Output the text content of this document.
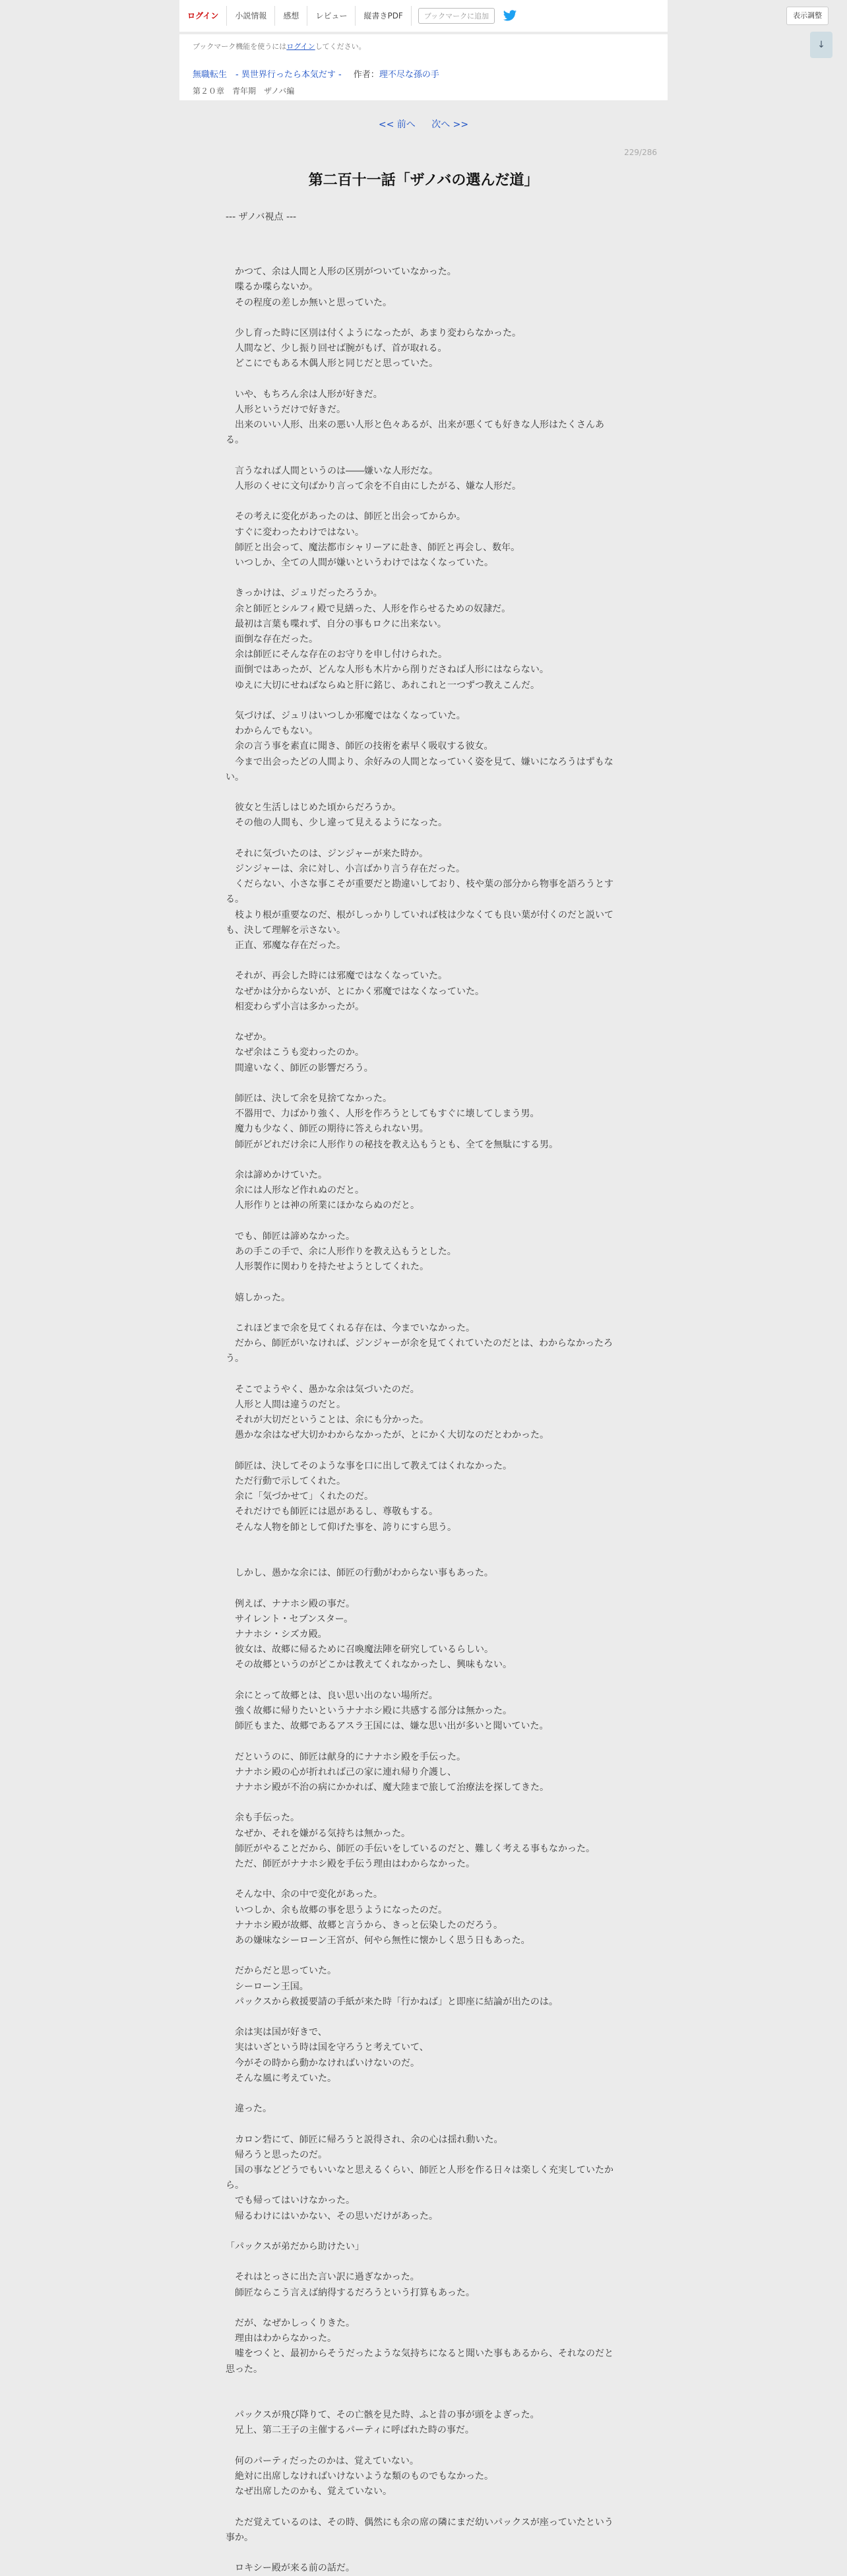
ログイン	小説情報	感想	レビュー	縦書きPDF	ブックマークに追加	表示調整
↓
ブックマーク機能を使うにはログインしてください。
無職転生　- 異世界行ったら本気だす - 作者：理不尽な孫の手
第２０章　青年期　ザノバ編
<< 前へ 次へ >>
229/286
第二百十一話「ザノバの選んだ道」
--- ザノバ視点 ---

　かつて、余は人間と人形の区別がついていなかった。

　喋るか喋らないか。

　その程度の差しか無いと思っていた。

　少し育った時に区別は付くようになったが、あまり変わらなかった。

　人間など、少し振り回せば腕がもげ、首が取れる。

　どこにでもある木偶人形と同じだと思っていた。

　いや、もちろん余は人形が好きだ。

　人形というだけで好きだ。

　出来のいい人形、出来の悪い人形と色々あるが、出来が悪くても好きな人形はたくさんある。

　言うなれば人間というのは――嫌いな人形だな。

　人形のくせに文句ばかり言って余を不自由にしたがる、嫌な人形だ。

　その考えに変化があったのは、師匠と出会ってからか。

　すぐに変わったわけではない。

　師匠と出会って、魔法都市シャリーアに赴き、師匠と再会し、数年。

　いつしか、全ての人間が嫌いというわけではなくなっていた。

　きっかけは、ジュリだったろうか。

　余と師匠とシルフィ殿で見繕った、人形を作らせるための奴隷だ。

　最初は言葉も喋れず、自分の事もロクに出来ない。

　面倒な存在だった。

　余は師匠にそんな存在のお守りを申し付けられた。

　面倒ではあったが、どんな人形も木片から削りださねば人形にはならない。

　ゆえに大切にせねばならぬと肝に銘じ、あれこれと一つずつ教えこんだ。

　気づけば、ジュリはいつしか邪魔ではなくなっていた。

　わからんでもない。

　余の言う事を素直に聞き、師匠の技術を素早く吸収する彼女。

　今まで出会ったどの人間より、余好みの人間となっていく姿を見て、嫌いになろうはずもない。

　彼女と生活しはじめた頃からだろうか。

　その他の人間も、少し違って見えるようになった。

　それに気づいたのは、ジンジャーが来た時か。

　ジンジャーは、余に対し、小言ばかり言う存在だった。

　くだらない、小さな事こそが重要だと勘違いしており、枝や葉の部分から物事を語ろうとする。

　枝より根が重要なのだ、根がしっかりしていれば枝は少なくても良い葉が付くのだと説いても、決して理解を示さない。

　正直、邪魔な存在だった。

　それが、再会した時には邪魔ではなくなっていた。

　なぜかは分からないが、とにかく邪魔ではなくなっていた。

　相変わらず小言は多かったが。

　なぜか。

　なぜ余はこうも変わったのか。

　間違いなく、師匠の影響だろう。

　師匠は、決して余を見捨てなかった。

　不器用で、力ばかり強く、人形を作ろうとしてもすぐに壊してしまう男。

　魔力も少なく、師匠の期待に答えられない男。

　師匠がどれだけ余に人形作りの秘技を教え込もうとも、全てを無駄にする男。

　余は諦めかけていた。

　余には人形など作れぬのだと。

　人形作りとは神の所業にほかならぬのだと。

　でも、師匠は諦めなかった。

　あの手この手で、余に人形作りを教え込もうとした。

　人形製作に関わりを持たせようとしてくれた。

　嬉しかった。

　これほどまで余を見てくれる存在は、今までいなかった。

　だから、師匠がいなければ、ジンジャーが余を見てくれていたのだとは、わからなかったろう。

　そこでようやく、愚かな余は気づいたのだ。

　人形と人間は違うのだと。

　それが大切だということは、余にも分かった。

　愚かな余はなぜ大切かわからなかったが、とにかく大切なのだとわかった。

　師匠は、決してそのような事を口に出して教えてはくれなかった。

　ただ行動で示してくれた。

　余に「気づかせて」くれたのだ。

　それだけでも師匠には恩があるし、尊敬もする。

　そんな人物を師として仰げた事を、誇りにすら思う。

　しかし、愚かな余には、師匠の行動がわからない事もあった。

　例えば、ナナホシ殿の事だ。

　サイレント・セブンスター。

　ナナホシ・シズカ殿。

　彼女は、故郷に帰るために召喚魔法陣を研究しているらしい。

　その故郷というのがどこかは教えてくれなかったし、興味もない。

　余にとって故郷とは、良い思い出のない場所だ。

　強く故郷に帰りたいというナナホシ殿に共感する部分は無かった。

　師匠もまた、故郷であるアスラ王国には、嫌な思い出が多いと聞いていた。

　だというのに、師匠は献身的にナナホシ殿を手伝った。

　ナナホシ殿の心が折れれば己の家に連れ帰り介護し、

　ナナホシ殿が不治の病にかかれば、魔大陸まで旅して治療法を探してきた。

　余も手伝った。

　なぜか、それを嫌がる気持ちは無かった。

　師匠がやることだから、師匠の手伝いをしているのだと、難しく考える事もなかった。

　ただ、師匠がナナホシ殿を手伝う理由はわからなかった。

　そんな中、余の中で変化があった。

　いつしか、余も故郷の事を思うようになったのだ。

　ナナホシ殿が故郷、故郷と言うから、きっと伝染したのだろう。

　あの嫌味なシーローン王宮が、何やら無性に懐かしく思う日もあった。

　だからだと思っていた。

　シーローン王国。

　パックスから救援要請の手紙が来た時「行かねば」と即座に結論が出たのは。

　余は実は国が好きで、

　実はいざという時は国を守ろうと考えていて、

　今がその時から動かなければいけないのだ。

　そんな風に考えていた。

　違った。

　カロン砦にて、師匠に帰ろうと説得され、余の心は揺れ動いた。

　帰ろうと思ったのだ。

　国の事などどうでもいいなと思えるくらい、師匠と人形を作る日々は楽しく充実していたから。

　でも帰ってはいけなかった。

　帰るわけにはいかない、その思いだけがあった。

「パックスが弟だから助けたい」

　それはとっさに出た言い訳に過ぎなかった。

　師匠ならこう言えば納得するだろうという打算もあった。

　だが、なぜかしっくりきた。

　理由はわからなかった。

　嘘をつくと、最初からそうだったような気持ちになると聞いた事もあるから、それなのだと思った。

　パックスが飛び降りて、その亡骸を見た時、ふと昔の事が頭をよぎった。

　兄上、第二王子の主催するパーティに呼ばれた時の事だ。

　何のパーティだったのかは、覚えていない。

　絶対に出席しなければいけないような類のものでもなかった。

　なぜ出席したのかも、覚えていない。

　ただ覚えているのは、その時、偶然にも余の席の隣にまだ幼いパックスが座っていたという事か。

　ロキシー殿が来る前の話だ。
